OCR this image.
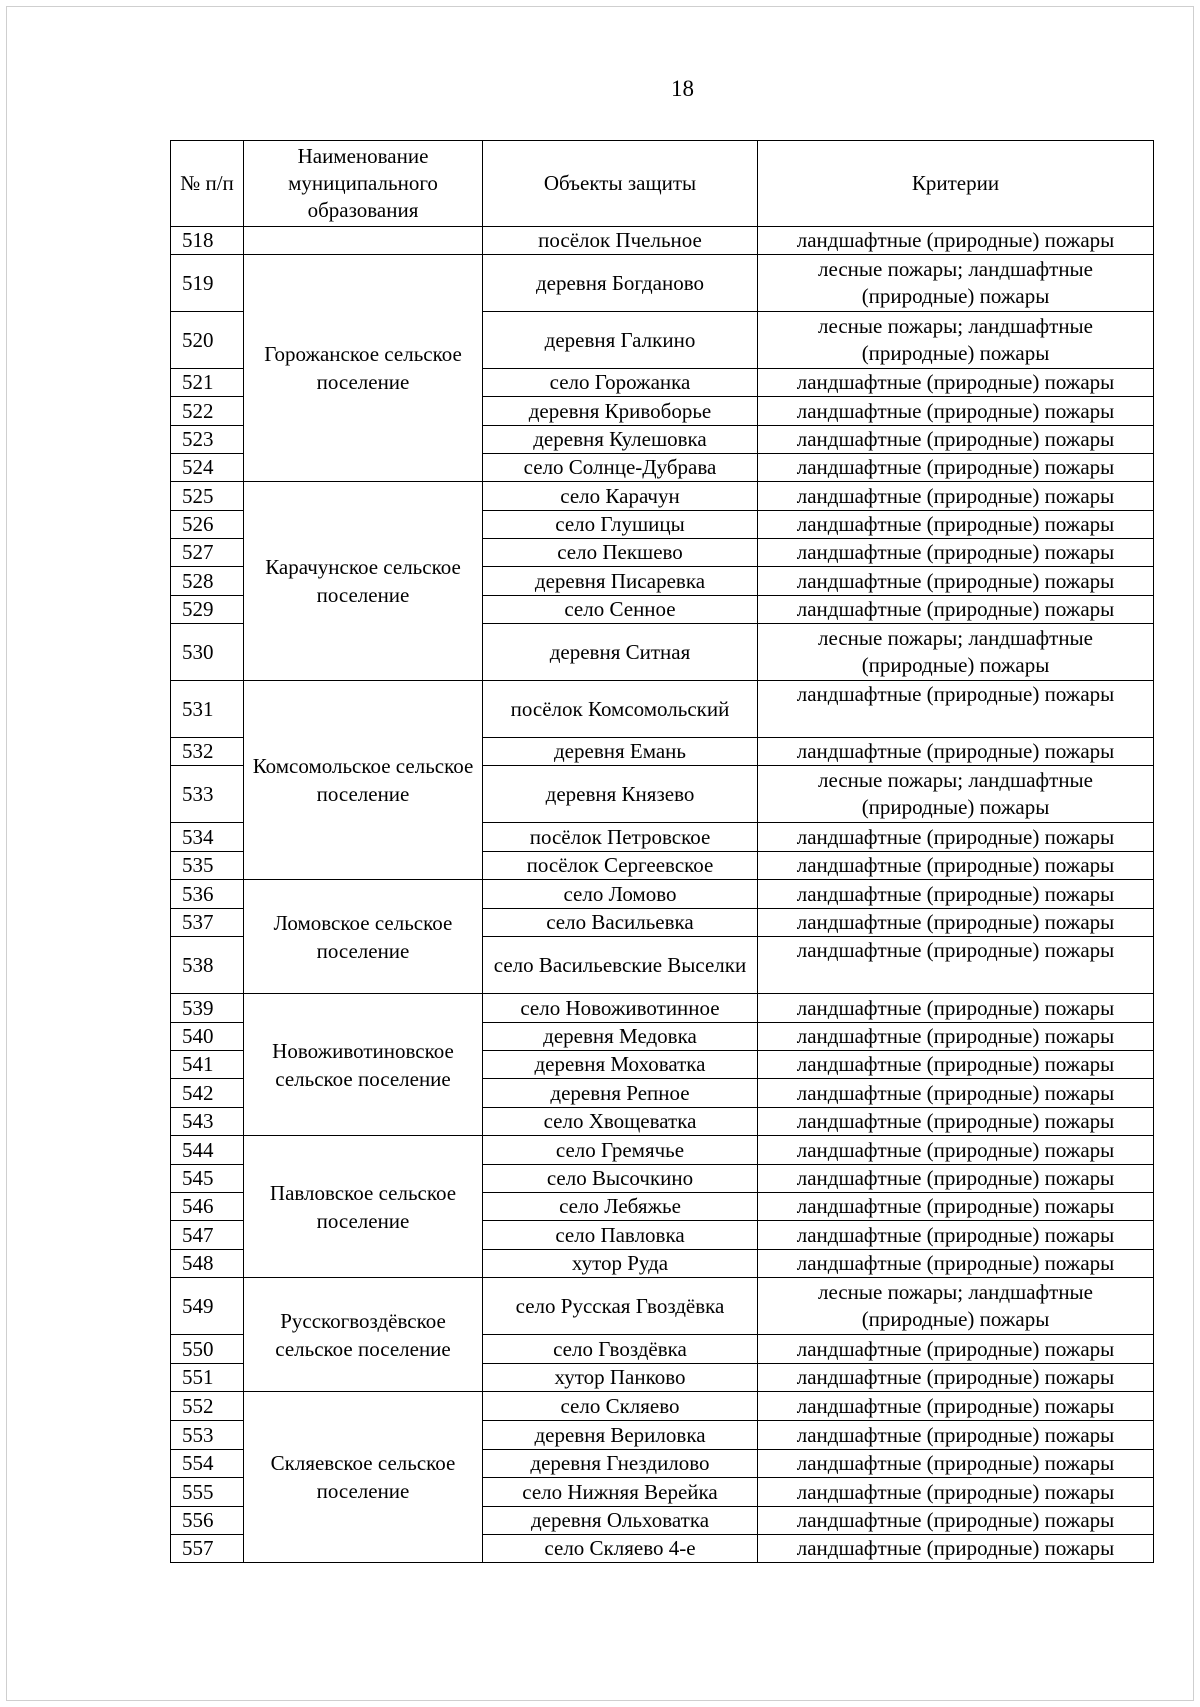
18
№ п/п	Наименование муниципального образования	Объекты защиты	Критерии
518		посёлок Пчельное	ландшафтные (природные) пожары
519	Горожанское сельское поселение	деревня Богданово	лесные пожары; ландшафтные (природные) пожары
520		деревня Галкино	лесные пожары; ландшафтные (природные) пожары
521		село Горожанка	ландшафтные (природные) пожары
522		деревня Кривоборье	ландшафтные (природные) пожары
523		деревня Кулешовка	ландшафтные (природные) пожары
524		село Солнце-Дубрава	ландшафтные (природные) пожары
525	Карачунское сельское поселение	село Карачун	ландшафтные (природные) пожары
526		село Глушицы	ландшафтные (природные) пожары
527		село Пекшево	ландшафтные (природные) пожары
528		деревня Писаревка	ландшафтные (природные) пожары
529		село Сенное	ландшафтные (природные) пожары
530		деревня Ситная	лесные пожары; ландшафтные (природные) пожары
531	Комсомольское сельское поселение	посёлок Комсомольский	ландшафтные (природные) пожары
532		деревня Емань	ландшафтные (природные) пожары
533		деревня Князево	лесные пожары; ландшафтные (природные) пожары
534		посёлок Петровское	ландшафтные (природные) пожары
535		посёлок Сергеевское	ландшафтные (природные) пожары
536	Ломовское сельское поселение	село Ломово	ландшафтные (природные) пожары
537		село Васильевка	ландшафтные (природные) пожары
538		село Васильевские Выселки	ландшафтные (природные) пожары
539	Новоживотиновское сельское поселение	село Новоживотинное	ландшафтные (природные) пожары
540		деревня Медовка	ландшафтные (природные) пожары
541		деревня Моховатка	ландшафтные (природные) пожары
542		деревня Репное	ландшафтные (природные) пожары
543		село Хвощеватка	ландшафтные (природные) пожары
544	Павловское сельское поселение	село Гремячье	ландшафтные (природные) пожары
545		село Высочкино	ландшафтные (природные) пожары
546		село Лебяжье	ландшафтные (природные) пожары
547		село Павловка	ландшафтные (природные) пожары
548		хутор Руда	ландшафтные (природные) пожары
549	Русскогвоздёвское сельское поселение	село Русская Гвоздёвка	лесные пожары; ландшафтные (природные) пожары
550		село Гвоздёвка	ландшафтные (природные) пожары
551		хутор Панково	ландшафтные (природные) пожары
552	Скляевское сельское поселение	село Скляево	ландшафтные (природные) пожары
553		деревня Вериловка	ландшафтные (природные) пожары
554		деревня Гнездилово	ландшафтные (природные) пожары
555		село Нижняя Верейка	ландшафтные (природные) пожары
556		деревня Ольховатка	ландшафтные (природные) пожары
557		село Скляево 4-е	ландшафтные (природные) пожары
